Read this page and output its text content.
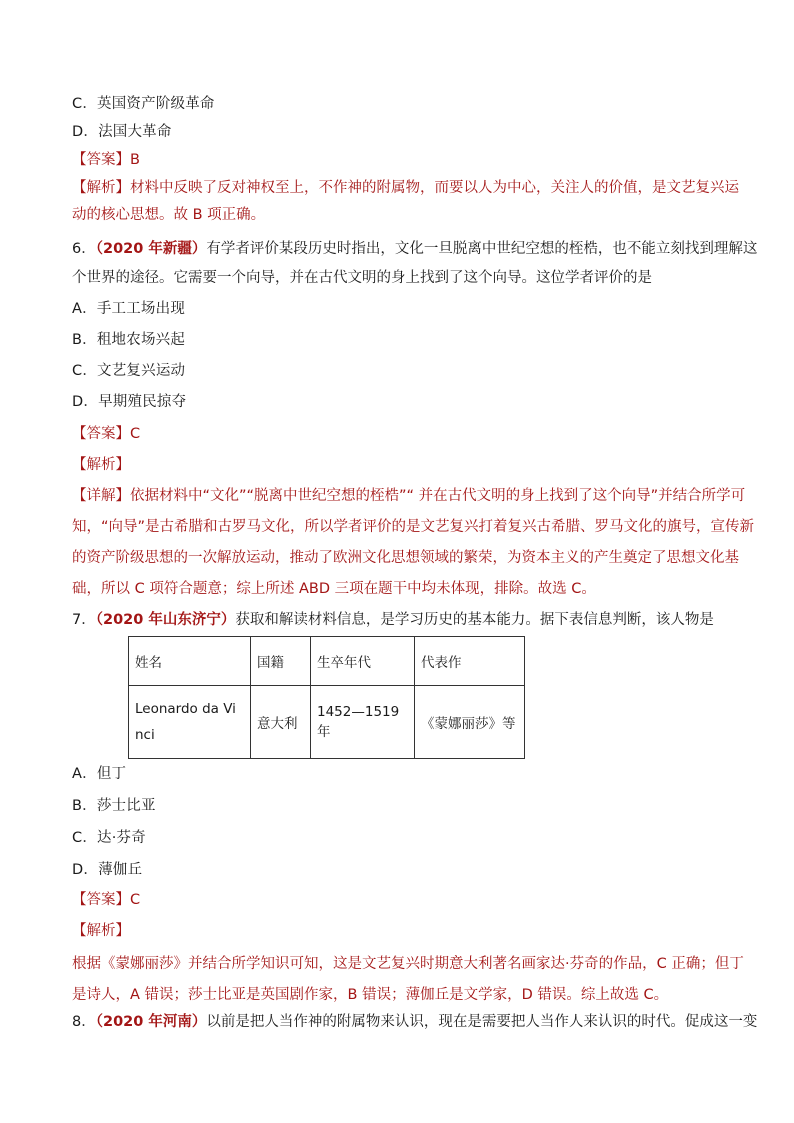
C．英国资产阶级革命
D．法国大革命
【答案】B
【解析】材料中反映了反对神权至上，不作神的附属物，而要以人为中心，关注人的价值，是文艺复兴运
动的核心思想。故 B 项正确。
6．（2020 年新疆）有学者评价某段历史时指出，文化一旦脱离中世纪空想的桎梏，也不能立刻找到理解这
个世界的途径。它需要一个向导，并在古代文明的身上找到了这个向导。这位学者评价的是
A．手工工场出现
B．租地农场兴起
C．文艺复兴运动
D．早期殖民掠夺
【答案】C
【解析】
【详解】依据材料中“文化”“脱离中世纪空想的桎梏”“ 并在古代文明的身上找到了这个向导”并结合所学可
知，“向导”是古希腊和古罗马文化，所以学者评价的是文艺复兴打着复兴古希腊、罗马文化的旗号，宣传新
的资产阶级思想的一次解放运动，推动了欧洲文化思想领域的繁荣，为资本主义的产生奠定了思想文化基
础，所以 C 项符合题意；综上所述 ABD 三项在题干中均未体现，排除。故选 C。
7．（2020 年山东济宁）获取和解读材料信息，是学习历史的基本能力。据下表信息判断，该人物是
姓名	国籍	生卒年代	代表作
Leonardo da Vinci	意大利	1452—1519 年	《蒙娜丽莎》等
A．但丁
B．莎士比亚
C．达·芬奇
D．薄伽丘
【答案】C
【解析】
根据《蒙娜丽莎》并结合所学知识可知，这是文艺复兴时期意大利著名画家达·芬奇的作品，C 正确；但丁
是诗人，A 错误；莎士比亚是英国剧作家，B 错误；薄伽丘是文学家，D 错误。综上故选 C。
8．（2020 年河南）以前是把人当作神的附属物来认识，现在是需要把人当作人来认识的时代。促成这一变
